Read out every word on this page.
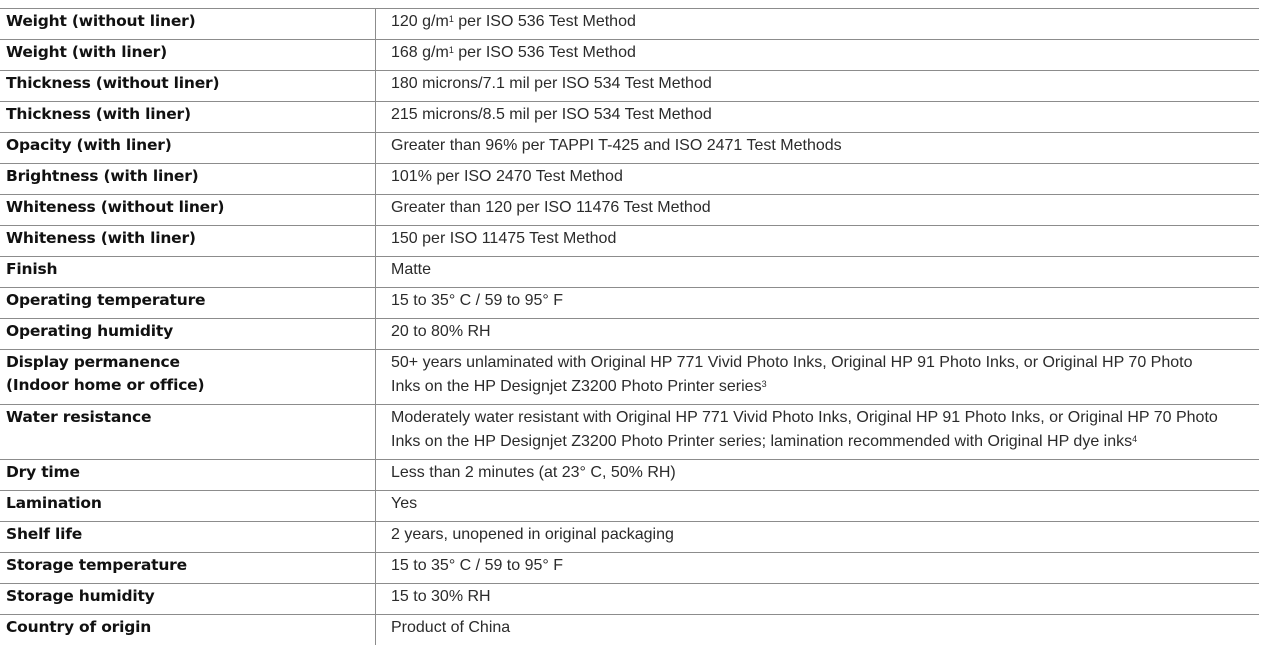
Weight (without liner)	120 $g/m^1$ per ISO 536 Test Method
Weight (with liner)	168 $g/m^1$ per ISO 536 Test Method
Thickness (without liner)	180 microns/7.1 mil per ISO 534 Test Method
Thickness (with liner)	215 microns/8.5 mil per ISO 534 Test Method
Opacity (with liner)	Greater than 96% per TAPPI T-425 and ISO 2471 Test Methods
Brightness (with liner)	101% per ISO 2470 Test Method
Whiteness (without liner)	Greater than 120 per ISO 11476 Test Method
Whiteness (with liner)	150 per ISO 11475 Test Method
Finish	Matte
Operating temperature	15 to 35° C / 59 to 95° F
Operating humidity	20 to 80% RH
Display permanence
(Indoor home or office)	50+ years unlaminated with Original HP 771 Vivid Photo Inks, Original HP 91 Photo Inks, or Original HP 70 Photo
Inks on the HP Designjet Z3200 Photo Printer series$^3$
Water resistance	Moderately water resistant with Original HP 771 Vivid Photo Inks, Original HP 91 Photo Inks, or Original HP 70 Photo
Inks on the HP Designjet Z3200 Photo Printer series; lamination recommended with Original HP dye inks$^4$
Dry time	Less than 2 minutes (at 23° C, 50% RH)
Lamination	Yes
Shelf life	2 years, unopened in original packaging
Storage temperature	15 to 35° C / 59 to 95° F
Storage humidity	15 to 30% RH
Country of origin	Product of China
